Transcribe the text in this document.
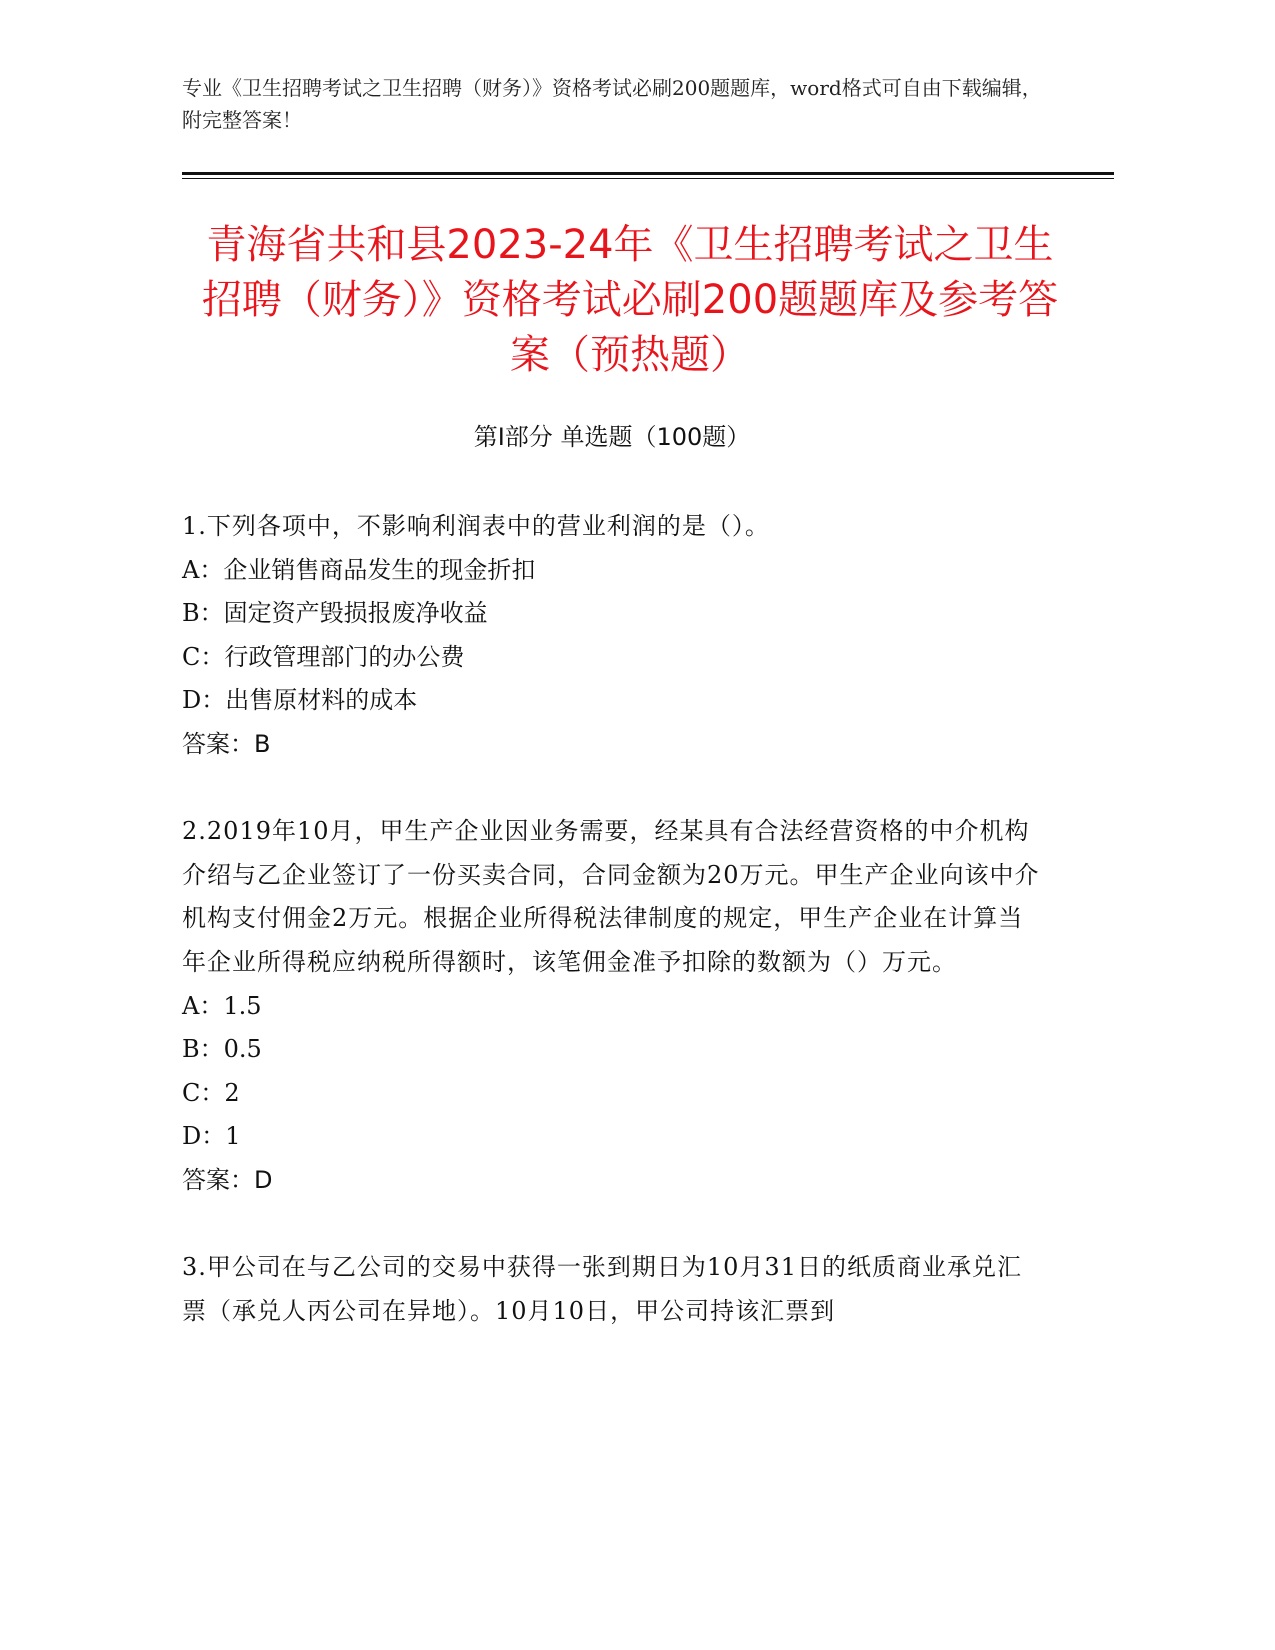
专业《卫生招聘考试之卫生招聘（财务）》资格考试必刷200题题库，word格式可自由下载编辑，附完整答案！
青海省共和县2023-24年《卫生招聘考试之卫生招聘（财务）》资格考试必刷200题题库及参考答案（预热题）
第Ⅰ部分 单选题（100题）
1.下列各项中，不影响利润表中的营业利润的是（）。
A：企业销售商品发生的现金折扣
B：固定资产毁损报废净收益
C：行政管理部门的办公费
D：出售原材料的成本
答案：B
2.2019年10月，甲生产企业因业务需要，经某具有合法经营资格的中介机构介绍与乙企业签订了一份买卖合同，合同金额为20万元。甲生产企业向该中介机构支付佣金2万元。根据企业所得税法律制度的规定，甲生产企业在计算当年企业所得税应纳税所得额时，该笔佣金准予扣除的数额为（）万元。
A：1.5
B：0.5
C：2
D：1
答案：D
3.甲公司在与乙公司的交易中获得一张到期日为10月31日的纸质商业承兑汇票（承兑人丙公司在异地）。10月10日，甲公司持该汇票到
